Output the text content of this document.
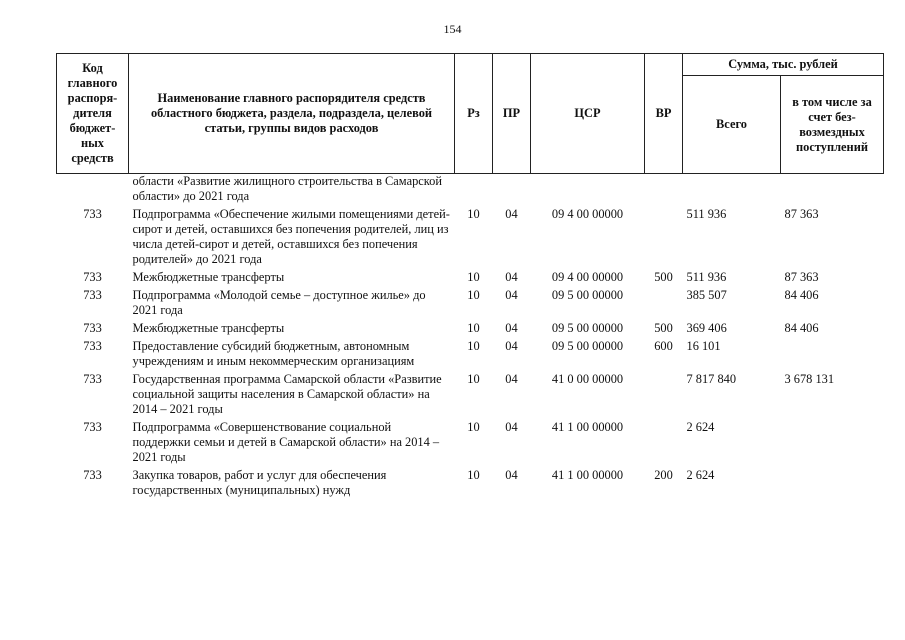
154
Код главного распоря-дителя бюджет-ных средств	Наименование главного распорядителя средств областного бюджета, раздела, подраздела, целевой статьи, группы видов расходов	Рз	ПР	ЦСР	ВР	Сумма, тыс. рублей	
						Всего	в том числе за счет без-возмездных поступлений
	области «Развитие жилищного строительства в Самарской области» до 2021 года						
733	Подпрограмма «Обеспечение жилыми помещениями детей-сирот и детей, оставшихся без попечения родителей, лиц из числа детей-сирот и детей, оставшихся без попечения родителей» до 2021 года	10	04	09 4 00 00000		511 936	87 363
733	Межбюджетные трансферты	10	04	09 4 00 00000	500	511 936	87 363
733	Подпрограмма «Молодой семье – доступное жилье» до 2021 года	10	04	09 5 00 00000		385 507	84 406
733	Межбюджетные трансферты	10	04	09 5 00 00000	500	369 406	84 406
733	Предоставление субсидий бюджетным, автономным учреждениям и иным некоммерческим организациям	10	04	09 5 00 00000	600	16 101	
733	Государственная программа Самарской области «Развитие социальной защиты населения в Самарской области» на 2014 – 2021 годы	10	04	41 0 00 00000		7 817 840	3 678 131
733	Подпрограмма «Совершенствование социальной поддержки семьи и детей в Самарской области» на 2014 – 2021 годы	10	04	41 1 00 00000		2 624	
733	Закупка товаров, работ и услуг для обеспечения государственных (муниципальных) нужд	10	04	41 1 00 00000	200	2 624	
